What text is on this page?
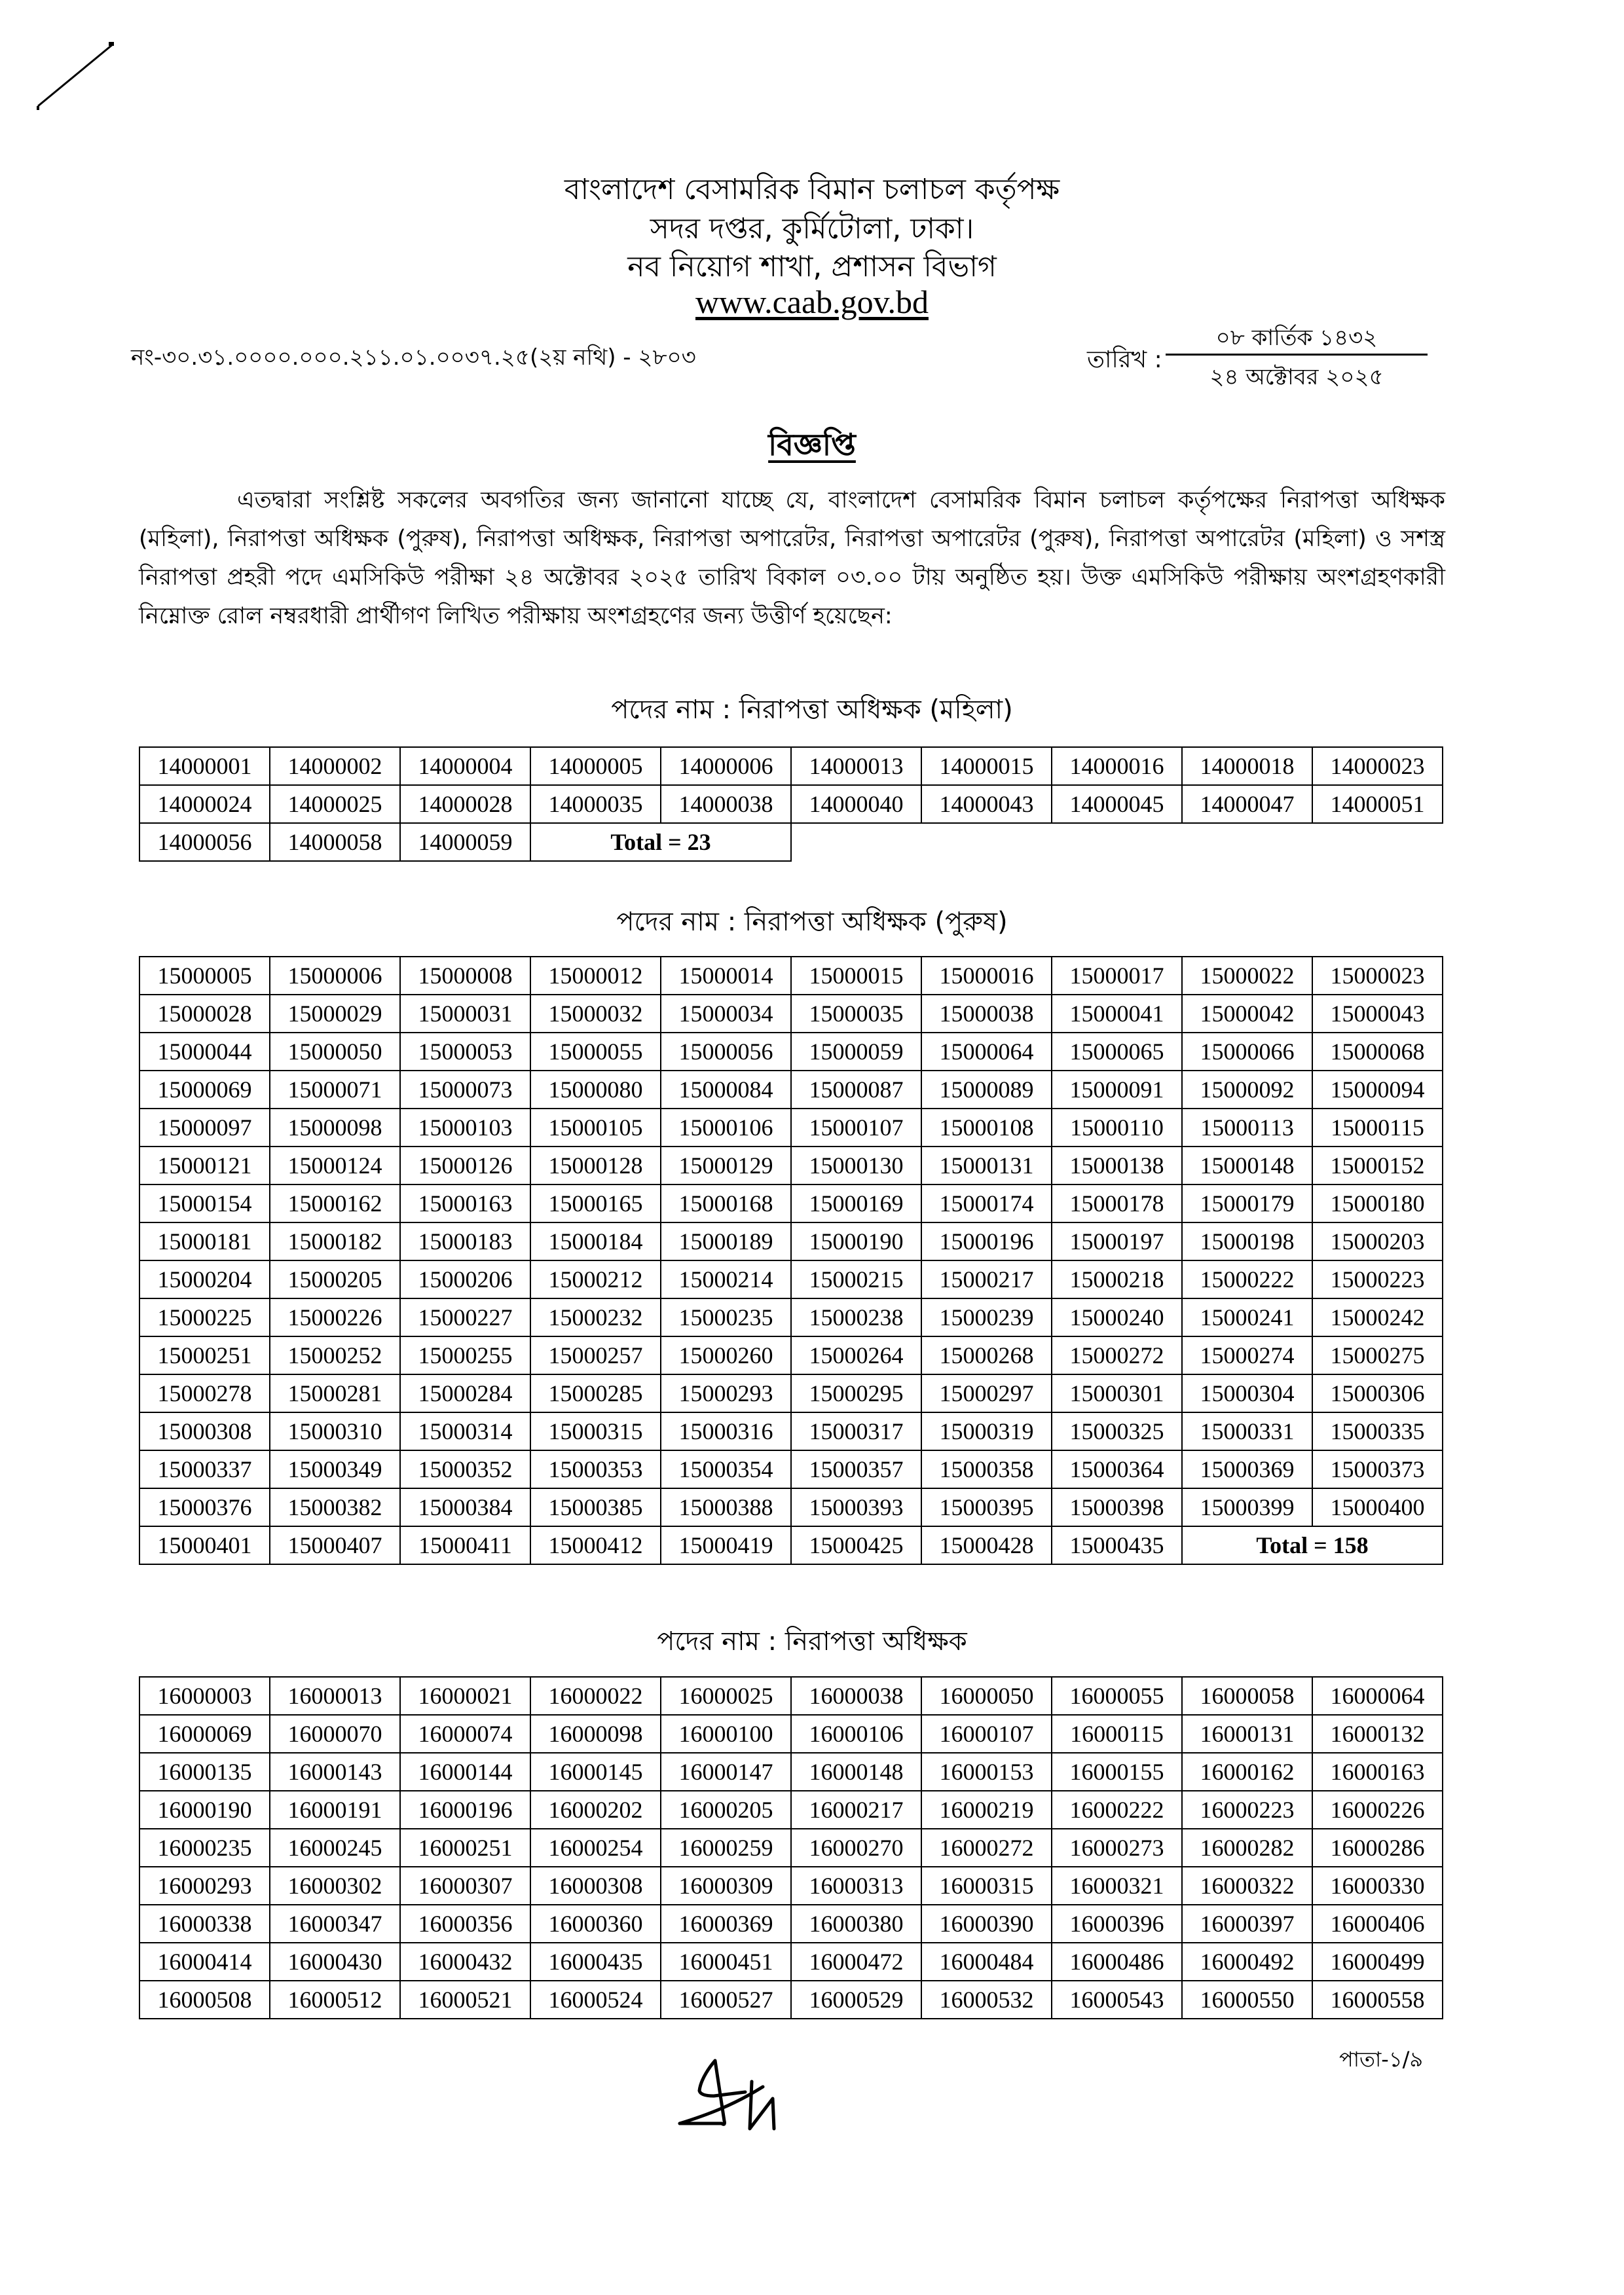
বাংলাদেশ বেসামরিক বিমান চলাচল কর্তৃপক্ষ
সদর দপ্তর, কুর্মিটোলা, ঢাকা।
নব নিয়োগ শাখা, প্রশাসন বিভাগ
www.caab.gov.bd
নং-৩০.৩১.০০০০.০০০.২১১.০১.০০৩৭.২৫(২য় নথি) - ২৮০৩	তারিখ :
০৮ কার্তিক ১৪৩২
২৪ অক্টোবর ২০২৫
বিজ্ঞপ্তি
এতদ্বারা সংশ্লিষ্ট সকলের অবগতির জন্য জানানো যাচ্ছে যে, বাংলাদেশ বেসামরিক বিমান চলাচল কর্তৃপক্ষের নিরাপত্তা অধিক্ষক (মহিলা), নিরাপত্তা অধিক্ষক (পুরুষ), নিরাপত্তা অধিক্ষক, নিরাপত্তা অপারেটর, নিরাপত্তা অপারেটর (পুরুষ), নিরাপত্তা অপারেটর (মহিলা) ও সশস্ত্র নিরাপত্তা প্রহরী পদে এমসিকিউ পরীক্ষা ২৪ অক্টোবর ২০২৫ তারিখ বিকাল ০৩.০০ টায় অনুষ্ঠিত হয়। উক্ত এমসিকিউ পরীক্ষায় অংশগ্রহণকারী নিম্নোক্ত রোল নম্বরধারী প্রার্থীগণ লিখিত পরীক্ষায় অংশগ্রহণের জন্য উত্তীর্ণ হয়েছেন:
পদের নাম : নিরাপত্তা অধিক্ষক (মহিলা)
14000001	14000002	14000004	14000005	14000006	14000013	14000015	14000016	14000018	14000023
14000024	14000025	14000028	14000035	14000038	14000040	14000043	14000045	14000047	14000051
14000056	14000058	14000059	Total = 23						
পদের নাম : নিরাপত্তা অধিক্ষক (পুরুষ)
15000005	15000006	15000008	15000012	15000014	15000015	15000016	15000017	15000022	15000023
15000028	15000029	15000031	15000032	15000034	15000035	15000038	15000041	15000042	15000043
15000044	15000050	15000053	15000055	15000056	15000059	15000064	15000065	15000066	15000068
15000069	15000071	15000073	15000080	15000084	15000087	15000089	15000091	15000092	15000094
15000097	15000098	15000103	15000105	15000106	15000107	15000108	15000110	15000113	15000115
15000121	15000124	15000126	15000128	15000129	15000130	15000131	15000138	15000148	15000152
15000154	15000162	15000163	15000165	15000168	15000169	15000174	15000178	15000179	15000180
15000181	15000182	15000183	15000184	15000189	15000190	15000196	15000197	15000198	15000203
15000204	15000205	15000206	15000212	15000214	15000215	15000217	15000218	15000222	15000223
15000225	15000226	15000227	15000232	15000235	15000238	15000239	15000240	15000241	15000242
15000251	15000252	15000255	15000257	15000260	15000264	15000268	15000272	15000274	15000275
15000278	15000281	15000284	15000285	15000293	15000295	15000297	15000301	15000304	15000306
15000308	15000310	15000314	15000315	15000316	15000317	15000319	15000325	15000331	15000335
15000337	15000349	15000352	15000353	15000354	15000357	15000358	15000364	15000369	15000373
15000376	15000382	15000384	15000385	15000388	15000393	15000395	15000398	15000399	15000400
15000401	15000407	15000411	15000412	15000419	15000425	15000428	15000435	Total = 158	
পদের নাম : নিরাপত্তা অধিক্ষক
16000003	16000013	16000021	16000022	16000025	16000038	16000050	16000055	16000058	16000064
16000069	16000070	16000074	16000098	16000100	16000106	16000107	16000115	16000131	16000132
16000135	16000143	16000144	16000145	16000147	16000148	16000153	16000155	16000162	16000163
16000190	16000191	16000196	16000202	16000205	16000217	16000219	16000222	16000223	16000226
16000235	16000245	16000251	16000254	16000259	16000270	16000272	16000273	16000282	16000286
16000293	16000302	16000307	16000308	16000309	16000313	16000315	16000321	16000322	16000330
16000338	16000347	16000356	16000360	16000369	16000380	16000390	16000396	16000397	16000406
16000414	16000430	16000432	16000435	16000451	16000472	16000484	16000486	16000492	16000499
16000508	16000512	16000521	16000524	16000527	16000529	16000532	16000543	16000550	16000558
পাতা-১/৯
